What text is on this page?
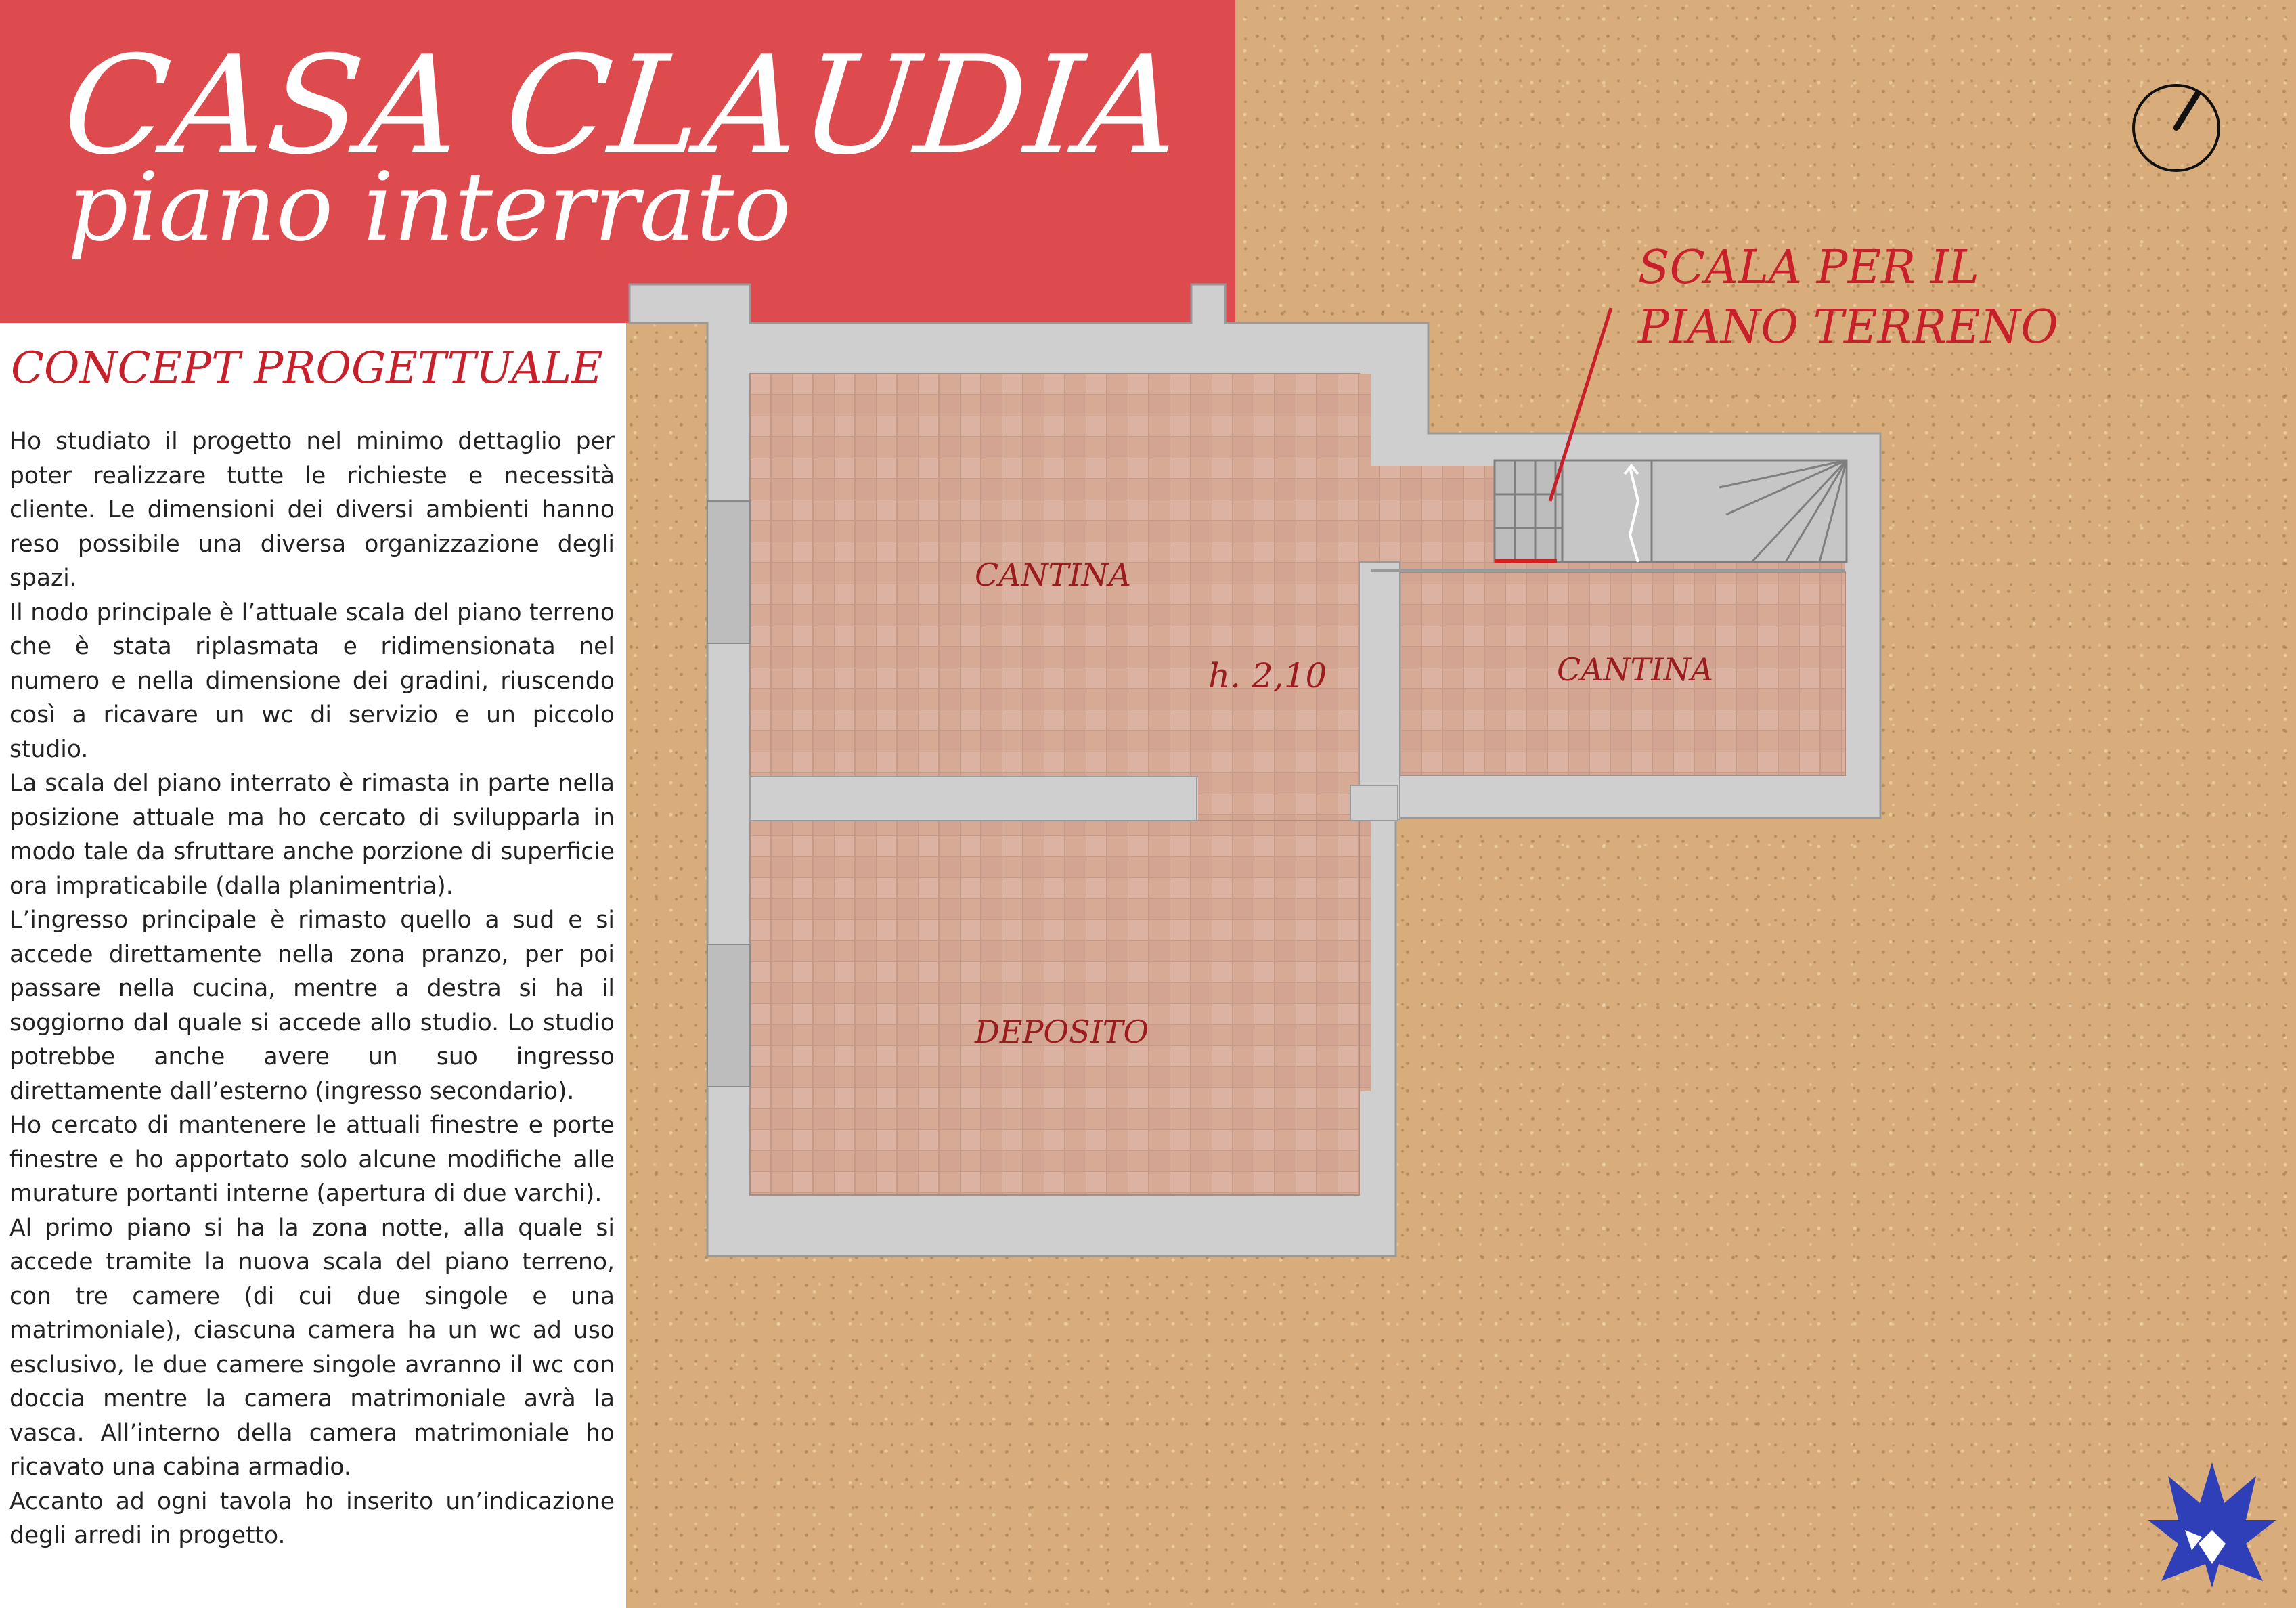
CASA CLAUDIA
piano interrato
CONCEPT PROGETTUALE

Ho studiato il progetto nel minimo dettaglio per poter realizzare tutte le richieste e necessità cliente. Le dimensioni dei diversi ambienti hanno reso possibile una diversa organizzazione degli spazi.

Il nodo principale è l’attuale scala del piano terreno che è stata riplasmata e ridimensionata nel numero e nella dimensione dei gradini, riuscendo così a ricavare un wc di servizio e un piccolo studio.

La scala del piano interrato è rimasta in parte nella posizione attuale ma ho cercato di svilupparla in modo tale da sfruttare anche porzione di superficie ora impraticabile (dalla planimentria).

L’ingresso principale è rimasto quello a sud e si accede direttamente nella zona pranzo, per poi passare nella cucina, mentre a destra si ha il soggiorno dal quale si accede allo studio. Lo studio potrebbe anche avere un suo ingresso direttamente dall’esterno (ingresso secondario).

Ho cercato di mantenere le attuali finestre e porte finestre e ho apportato solo alcune modifiche alle murature portanti interne (apertura di due varchi).

Al primo piano si ha la zona notte, alla quale si accede tramite la nuova scala del piano terreno, con tre camere (di cui due singole e una matrimoniale), ciascuna camera ha un wc ad uso esclusivo, le due camere singole avranno il wc con doccia mentre la camera matrimoniale avrà la vasca. All’interno della camera matrimoniale ho ricavato una cabina armadio.

Accanto ad ogni tavola ho inserito un’indicazione degli arredi in progetto.

CANTINA
CANTINA
DEPOSITO
h. 2,10
SCALA PER IL
PIANO TERRENO
